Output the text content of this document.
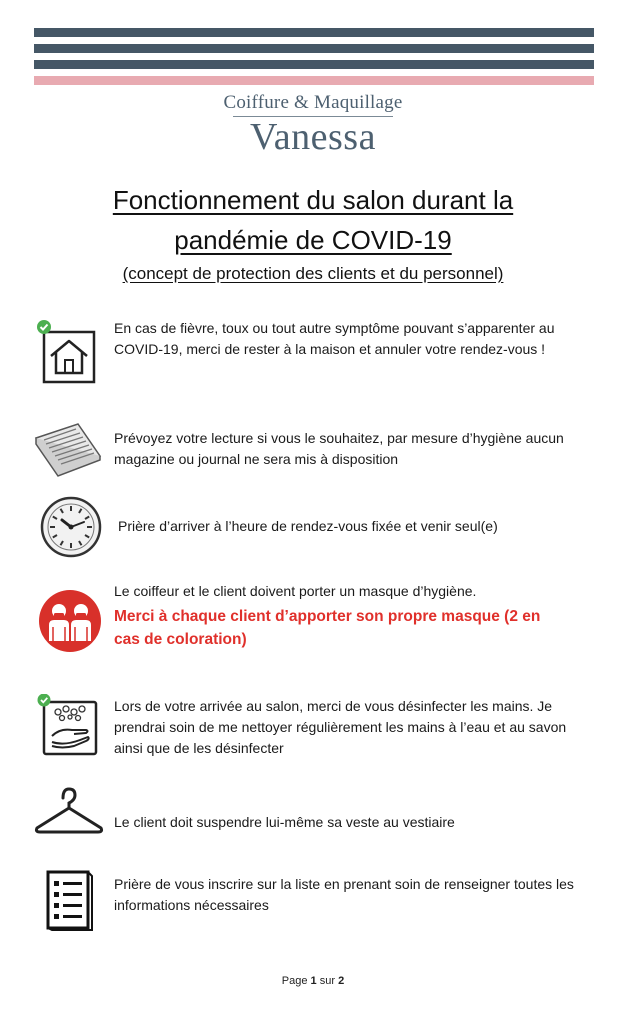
Coiffure & Maquillage
Vanessa
Fonctionnement du salon durant la
pandémie de COVID-19
(concept de protection des clients et du personnel)
En cas de fièvre, toux ou tout autre symptôme pouvant s’apparenter au COVID-19, merci de rester à la maison et annuler votre rendez-vous !
Prévoyez votre lecture si vous le souhaitez, par mesure d’hygiène aucun magazine ou journal ne sera mis à disposition
Prière d’arriver à l’heure de rendez-vous fixée et venir seul(e)
Le coiffeur et le client doivent porter un masque d’hygiène.
Merci à chaque client d’apporter son propre masque (2 en cas de coloration)
Lors de votre arrivée au salon, merci de vous désinfecter les mains. Je prendrai soin de me nettoyer régulièrement les mains à l’eau et au savon ainsi que de les désinfecter
Le client doit suspendre lui-même sa veste au vestiaire
Prière de vous inscrire sur la liste en prenant soin de renseigner toutes les informations nécessaires
Page 1 sur 2
